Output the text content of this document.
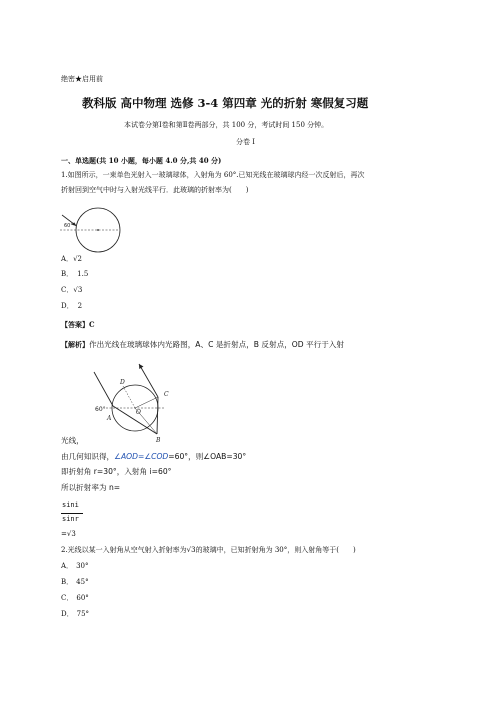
绝密★启用前
教科版 高中物理 选修 3-4 第四章 光的折射 寒假复习题
本试卷分第Ⅰ卷和第Ⅱ卷两部分，共 100 分，考试时间 150 分钟。
分卷 I
一、单选题(共 10 小题，每小题 4.0 分,共 40 分)
1.如图所示，一束单色光射入一玻璃球体，入射角为 60°.已知光线在玻璃球内经一次反射后，再次
折射回到空气中时与入射光线平行．此玻璃的折射率为(　　)
60°
A．√2
B． 1.5
C．√3
D． 2
【答案】C
【解析】作出光线在玻璃球体内光路图，A、C 是折射点，B 反射点，OD 平行于入射
D
C
A
O
B
60°
光线，
由几何知识得，∠AOD=∠COD=60°，则∠OAB=30°
即折射角 r=30°，入射角 i=60°
所以折射率为 n=
sini
sinr
=√3
2.光线以某一入射角从空气射入折射率为√3的玻璃中，已知折射角为 30°，则入射角等于(　　)
A． 30°
B． 45°
C． 60°
D． 75°
